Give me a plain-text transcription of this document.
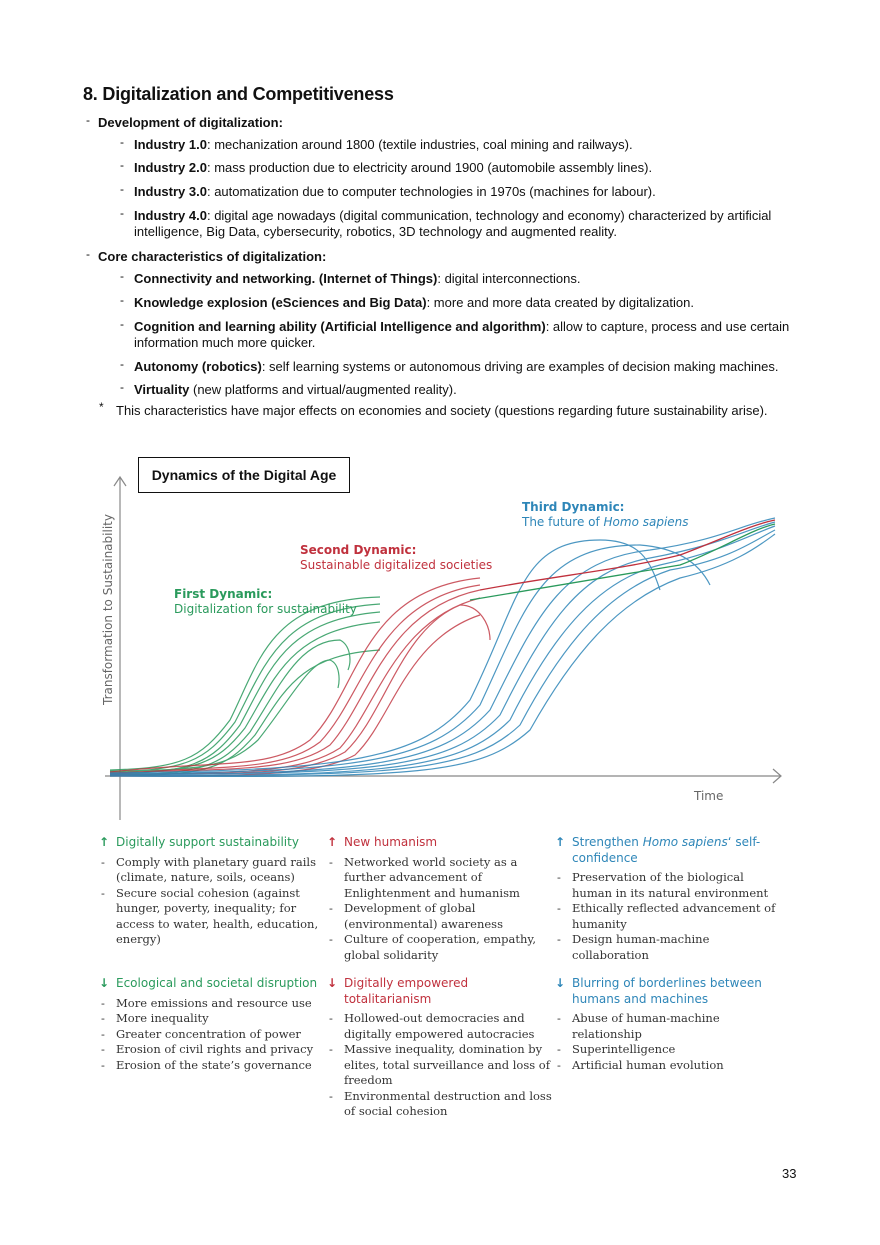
8. Digitalization and Competitiveness
- Development of digitalization:
- Industry 1.0: mechanization around 1800 (textile industries, coal mining and railways).
- Industry 2.0: mass production due to electricity around 1900 (automobile assembly lines).
- Industry 3.0: automatization due to computer technologies in 1970s (machines for labour).
- Industry 4.0: digital age nowadays (digital communication, technology and economy) characterized by artificial intelligence, Big Data, cybersecurity, robotics, 3D technology and augmented reality.
- Core characteristics of digitalization:
- Connectivity and networking. (Internet of Things): digital interconnections.
- Knowledge explosion (eSciences and Big Data): more and more data created by digitalization.
- Cognition and learning ability (Artificial Intelligence and algorithm): allow to capture, process and use certain information much more quicker.
- Autonomy (robotics): self learning systems or autonomous driving are examples of decision making machines.
- Virtuality (new platforms and virtual/augmented reality).
* This characteristics have major effects on economies and society (questions regarding future sustainability arise).
Dynamics of the Digital Age
First Dynamic:
Digitalization for sustainability
Second Dynamic:
Sustainable digitalized societies
Third Dynamic:
The future of Homo sapiens
Transformation to Sustainability
Time
↑ Digitally support sustainability
- Comply with planetary guard rails (climate, nature, soils, oceans)
- Secure social cohesion (against hunger, poverty, inequality; for access to water, health, education, energy)
↑ New humanism
- Networked world society as a further advancement of Enlightenment and humanism
- Development of global (environmental) awareness
- Culture of cooperation, empathy, global solidarity
↑ Strengthen Homo sapiens‘ self-confidence
- Preservation of the biological human in its natural environment
- Ethically reflected advancement of humanity
- Design human-machine collaboration
↓ Ecological and societal disruption
- More emissions and resource use
- More inequality
- Greater concentration of power
- Erosion of civil rights and privacy
- Erosion of the state’s governance
↓ Digitally empowered totalitarianism
- Hollowed-out democracies and digitally empowered autocracies
- Massive inequality, domination by elites, total surveillance and loss of freedom
- Environmental destruction and loss of social cohesion
↓ Blurring of borderlines between humans and machines
- Abuse of human-machine relationship
- Superintelligence
- Artificial human evolution
33
